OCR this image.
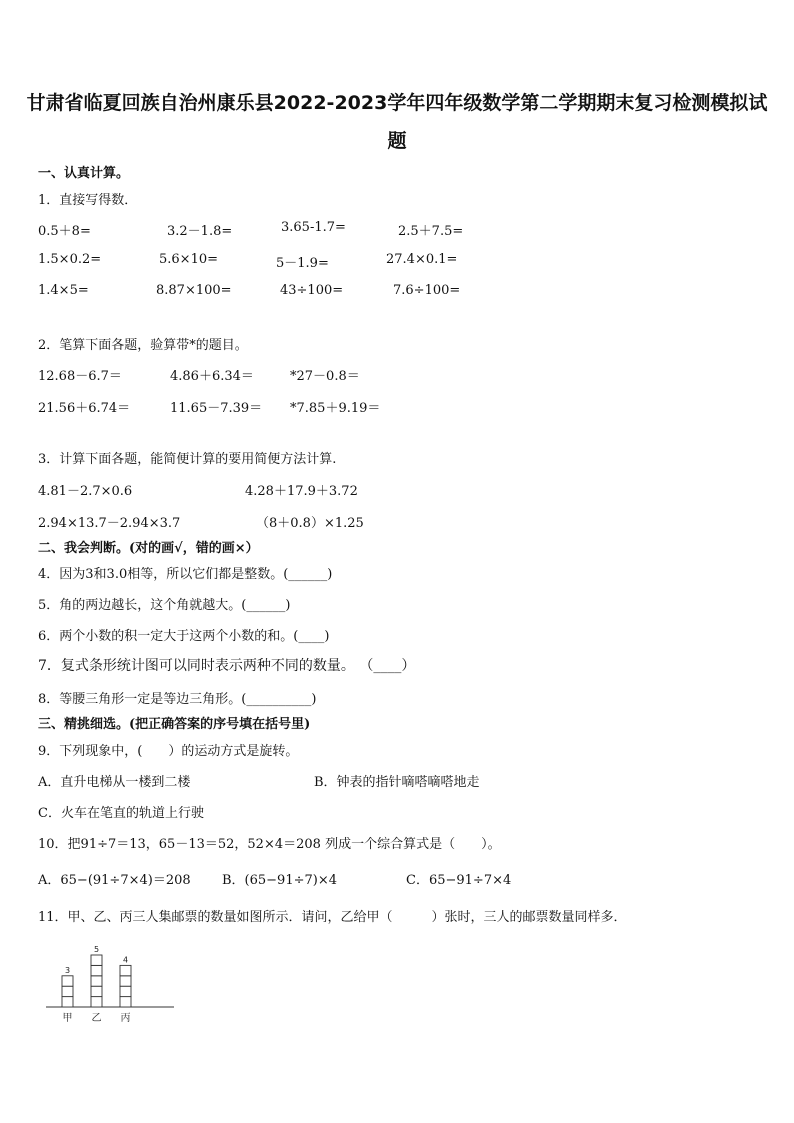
甘肃省临夏回族自治州康乐县2022-2023学年四年级数学第二学期期末复习检测模拟试题
一、认真计算。
1．直接写得数．
0.5＋8=	3.2－1.8=	3.65-1.7=	2.5＋7.5=
1.5×0.2=	5.6×10=	5－1.9=	27.4×0.1=
1.4×5=	8.87×100=	43÷100=	7.6÷100=
2．笔算下面各题，验算带*的题目。
12.68－6.7＝	4.86＋6.34＝	*27－0.8＝
21.56＋6.74＝	11.65－7.39＝ *7.85＋9.19＝
3．计算下面各题，能简便计算的要用简便方法计算.
4.81－2.7×0.6	4.28＋17.9＋3.72
2.94×13.7－2.94×3.7	（8＋0.8）×1.25
二、我会判断。(对的画√，错的画×）
4．因为3和3.0相等，所以它们都是整数。(______)
5．角的两边越长，这个角就越大。(______)
6．两个小数的积一定大于这两个小数的和。(____)
7．复式条形统计图可以同时表示两种不同的数量。 （____）
8．等腰三角形一定是等边三角形。(__________)
三、精挑细选。(把正确答案的序号填在括号里)
9．下列现象中，(　　）的运动方式是旋转。
A．直升电梯从一楼到二楼	B．钟表的指针嘀嗒嘀嗒地走
C．火车在笔直的轨道上行驶
10．把91÷7＝13，65－13＝52，52×4＝208 列成一个综合算式是（　　）。
A．65−(91÷7×4)＝208 B．(65−91÷7)×4	C．65−91÷7×4
11．甲、乙、丙三人集邮票的数量如图所示．请问，乙给甲（　　　）张时，三人的邮票数量同样多．
3
甲
5
乙
4
丙
